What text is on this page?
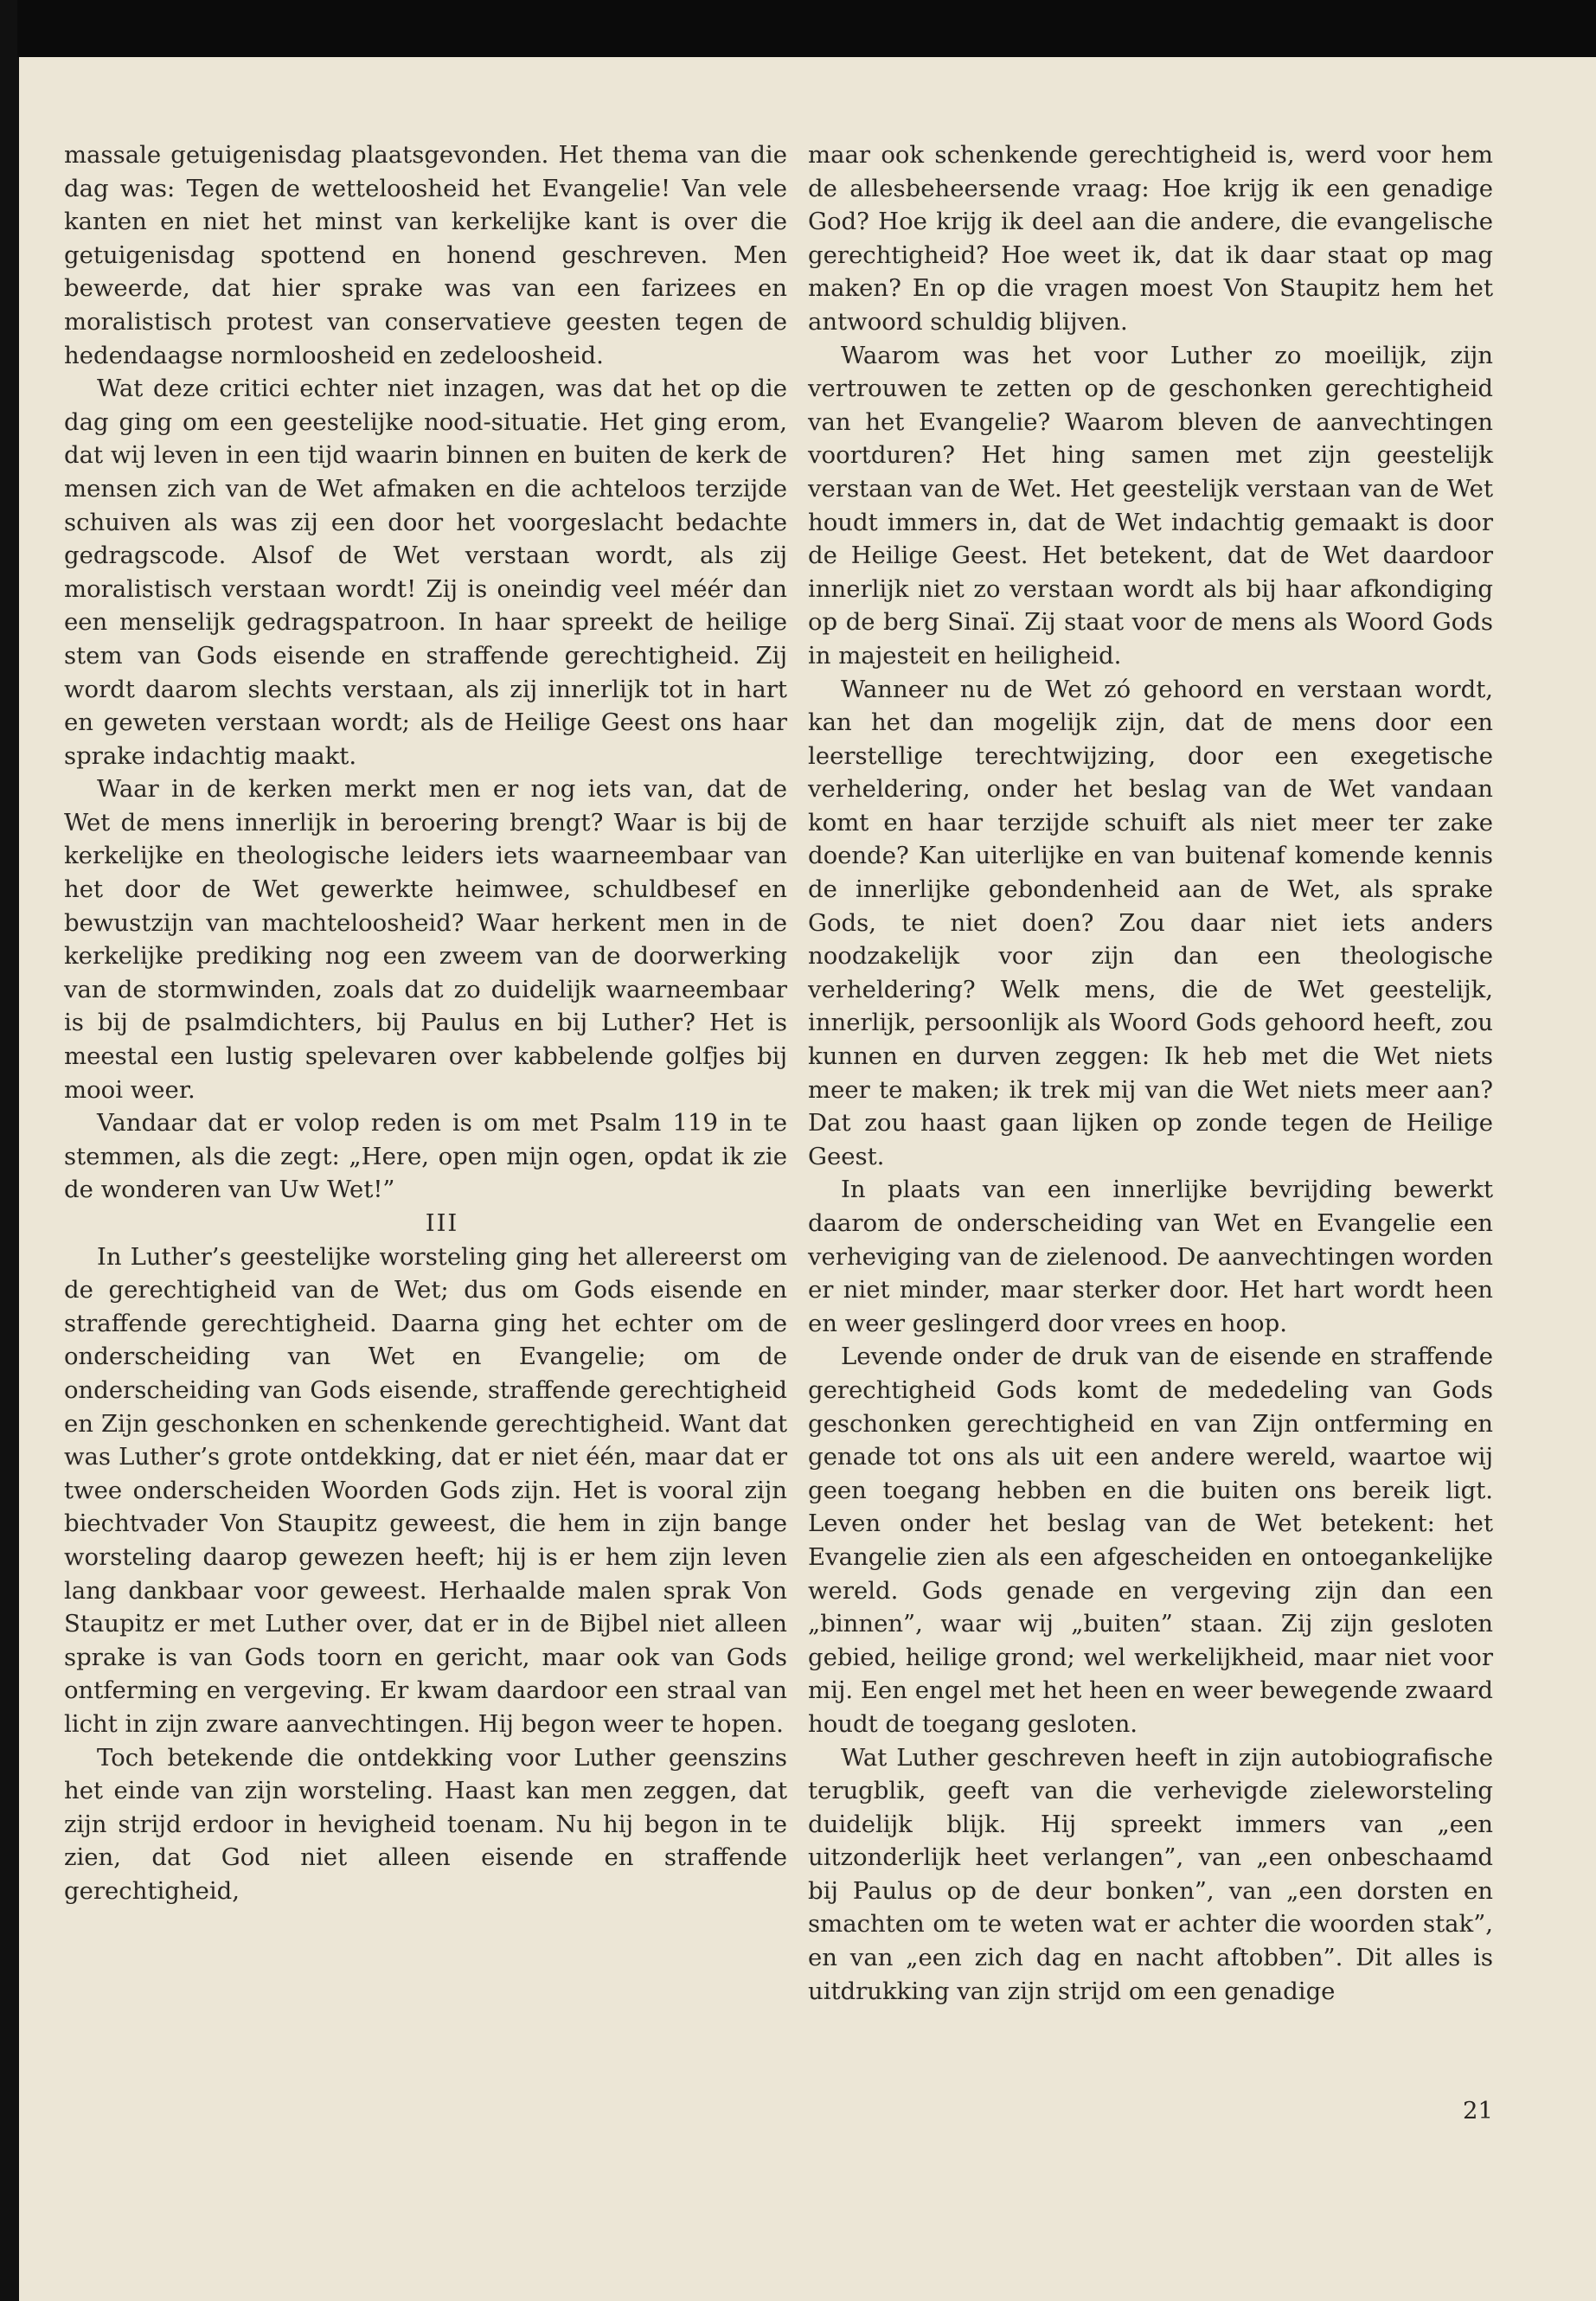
massale getuigenisdag plaatsgevonden. Het thema van die dag was: Tegen de wetteloosheid het Evangelie! Van vele kanten en niet het minst van kerkelijke kant is over die getuigenisdag spottend en honend geschreven. Men beweerde, dat hier sprake was van een farizees en moralistisch protest van conservatieve geesten tegen de hedendaagse normloosheid en zedeloosheid.

Wat deze critici echter niet inzagen, was dat het op die dag ging om een geestelijke nood-situatie. Het ging erom, dat wij leven in een tijd waarin binnen en buiten de kerk de mensen zich van de Wet afmaken en die achteloos terzijde schuiven als was zij een door het voorgeslacht bedachte gedragscode. Alsof de Wet verstaan wordt, als zij moralistisch verstaan wordt! Zij is oneindig veel méér dan een menselijk gedragspatroon. In haar spreekt de heilige stem van Gods eisende en straffende gerechtigheid. Zij wordt daarom slechts verstaan, als zij innerlijk tot in hart en geweten verstaan wordt; als de Heilige Geest ons haar sprake indachtig maakt.

Waar in de kerken merkt men er nog iets van, dat de Wet de mens innerlijk in beroering brengt? Waar is bij de kerkelijke en theologische leiders iets waarneembaar van het door de Wet gewerkte heimwee, schuldbesef en bewustzijn van machteloosheid? Waar herkent men in de kerkelijke prediking nog een zweem van de doorwerking van de stormwinden, zoals dat zo duidelijk waarneembaar is bij de psalmdichters, bij Paulus en bij Luther? Het is meestal een lustig spelevaren over kabbelende golfjes bij mooi weer.

Vandaar dat er volop reden is om met Psalm 119 in te stemmen, als die zegt: „Here, open mijn ogen, opdat ik zie de wonderen van Uw Wet!”

III

In Luther’s geestelijke worsteling ging het allereerst om de gerechtigheid van de Wet; dus om Gods eisende en straffende gerechtigheid. Daarna ging het echter om de onderscheiding van Wet en Evangelie; om de onderscheiding van Gods eisende, straffende gerechtigheid en Zijn geschonken en schenkende gerechtigheid. Want dat was Luther’s grote ontdekking, dat er niet één, maar dat er twee onderscheiden Woorden Gods zijn. Het is vooral zijn biechtvader Von Staupitz geweest, die hem in zijn bange worsteling daarop gewezen heeft; hij is er hem zijn leven lang dankbaar voor geweest. Herhaalde malen sprak Von Staupitz er met Luther over, dat er in de Bijbel niet alleen sprake is van Gods toorn en gericht, maar ook van Gods ontferming en vergeving. Er kwam daardoor een straal van licht in zijn zware aanvechtingen. Hij begon weer te hopen.

Toch betekende die ontdekking voor Luther geenszins het einde van zijn worsteling. Haast kan men zeggen, dat zijn strijd erdoor in hevigheid toenam. Nu hij begon in te zien, dat God niet alleen eisende en straffende gerechtigheid,

maar ook schenkende gerechtigheid is, werd voor hem de allesbeheersende vraag: Hoe krijg ik een genadige God? Hoe krijg ik deel aan die andere, die evangelische gerechtigheid? Hoe weet ik, dat ik daar staat op mag maken? En op die vragen moest Von Staupitz hem het antwoord schuldig blijven.

Waarom was het voor Luther zo moeilijk, zijn vertrouwen te zetten op de geschonken gerechtigheid van het Evangelie? Waarom bleven de aanvechtingen voortduren? Het hing samen met zijn geestelijk verstaan van de Wet. Het geestelijk verstaan van de Wet houdt immers in, dat de Wet indachtig gemaakt is door de Heilige Geest. Het betekent, dat de Wet daardoor innerlijk niet zo verstaan wordt als bij haar afkondiging op de berg Sinaï. Zij staat voor de mens als Woord Gods in majesteit en heiligheid.

Wanneer nu de Wet zó gehoord en verstaan wordt, kan het dan mogelijk zijn, dat de mens door een leerstellige terechtwijzing, door een exegetische verheldering, onder het beslag van de Wet vandaan komt en haar terzijde schuift als niet meer ter zake doende? Kan uiterlijke en van buitenaf komende kennis de innerlijke gebondenheid aan de Wet, als sprake Gods, te niet doen? Zou daar niet iets anders noodzakelijk voor zijn dan een theologische verheldering? Welk mens, die de Wet geestelijk, innerlijk, persoonlijk als Woord Gods gehoord heeft, zou kunnen en durven zeggen: Ik heb met die Wet niets meer te maken; ik trek mij van die Wet niets meer aan? Dat zou haast gaan lijken op zonde tegen de Heilige Geest.

In plaats van een innerlijke bevrijding bewerkt daarom de onderscheiding van Wet en Evangelie een verheviging van de zielenood. De aanvechtingen worden er niet minder, maar sterker door. Het hart wordt heen en weer geslingerd door vrees en hoop.

Levende onder de druk van de eisende en straffende gerechtigheid Gods komt de mededeling van Gods geschonken gerechtigheid en van Zijn ontferming en genade tot ons als uit een andere wereld, waartoe wij geen toegang hebben en die buiten ons bereik ligt. Leven onder het beslag van de Wet betekent: het Evangelie zien als een afgescheiden en ontoegankelijke wereld. Gods genade en vergeving zijn dan een „binnen”, waar wij „buiten” staan. Zij zijn gesloten gebied, heilige grond; wel werkelijkheid, maar niet voor mij. Een engel met het heen en weer bewegende zwaard houdt de toegang gesloten.

Wat Luther geschreven heeft in zijn autobiografische terugblik, geeft van die verhevigde zieleworsteling duidelijk blijk. Hij spreekt immers van „een uitzonderlijk heet verlangen”, van „een onbeschaamd bij Paulus op de deur bonken”, van „een dorsten en smachten om te weten wat er achter die woorden stak”, en van „een zich dag en nacht aftobben”. Dit alles is uitdrukking van zijn strijd om een genadige

21
